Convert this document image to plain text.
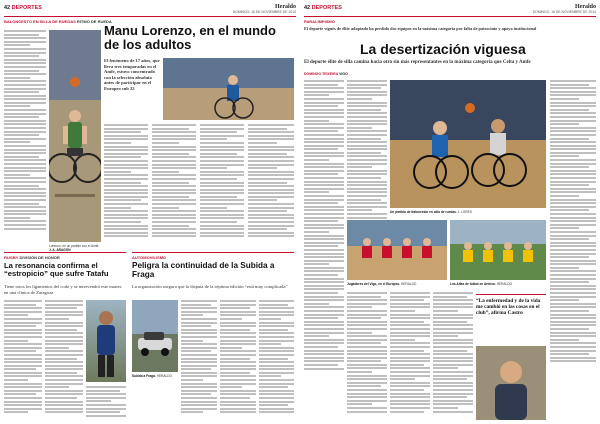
42 DEPORTES	Heraldo
DOMINGO, 16 DE NOVIEMBRE DE 2014
BALONCESTO EN SILLA DE RUEDAS RITMO DE RUEDA
Lorenzo, en un partido con el Amfe. J. A. ARAGÓN
Manu Lorenzo, en el mundo de los adultos
El fenómeno de 17 años, que lleva tres temporadas en el Amfe, estuvo concentrado con la selección absoluta antes de participar en el Europeo sub 22
RUGBY DIVISIÓN DE HONOR
La resonancia confirma el “estropicio” que sufre Tatafu
Tiene rotos los ligamentos del codo y se intervendrá este martes en una clínica de Zaragoza
AUTOMOVILISMO
Peligra la continuidad de la Subida a Fraga
La organización asegura que la disputa de la séptima edición “está muy complicada”
Subida a Fraga. HERALDO
42 DEPORTES	Heraldo
DOMINGO, 16 DE NOVIEMBRE DE 2014
PARALIMPISMO
El deporte vigués de élite adaptado ha perdido dos equipos en la máxima categoría por falta de patrocinio y apoyo institucional
La desertización viguesa
El deporte élite de silla camina hacia otro sin más representantes en la máxima categoría que Celta y Amfe
DOMINGO TEIXEIRA VIGO
Un partido de baloncesto en silla de ruedas. J. LORES
Jugadores del Vigo, en el Europeo. HERALDO	Los Alfas de fútbol en Arteixo. HERALDO
“La enfermedad y de la vida me cambió en las cosas en el club”, afirma Castro
